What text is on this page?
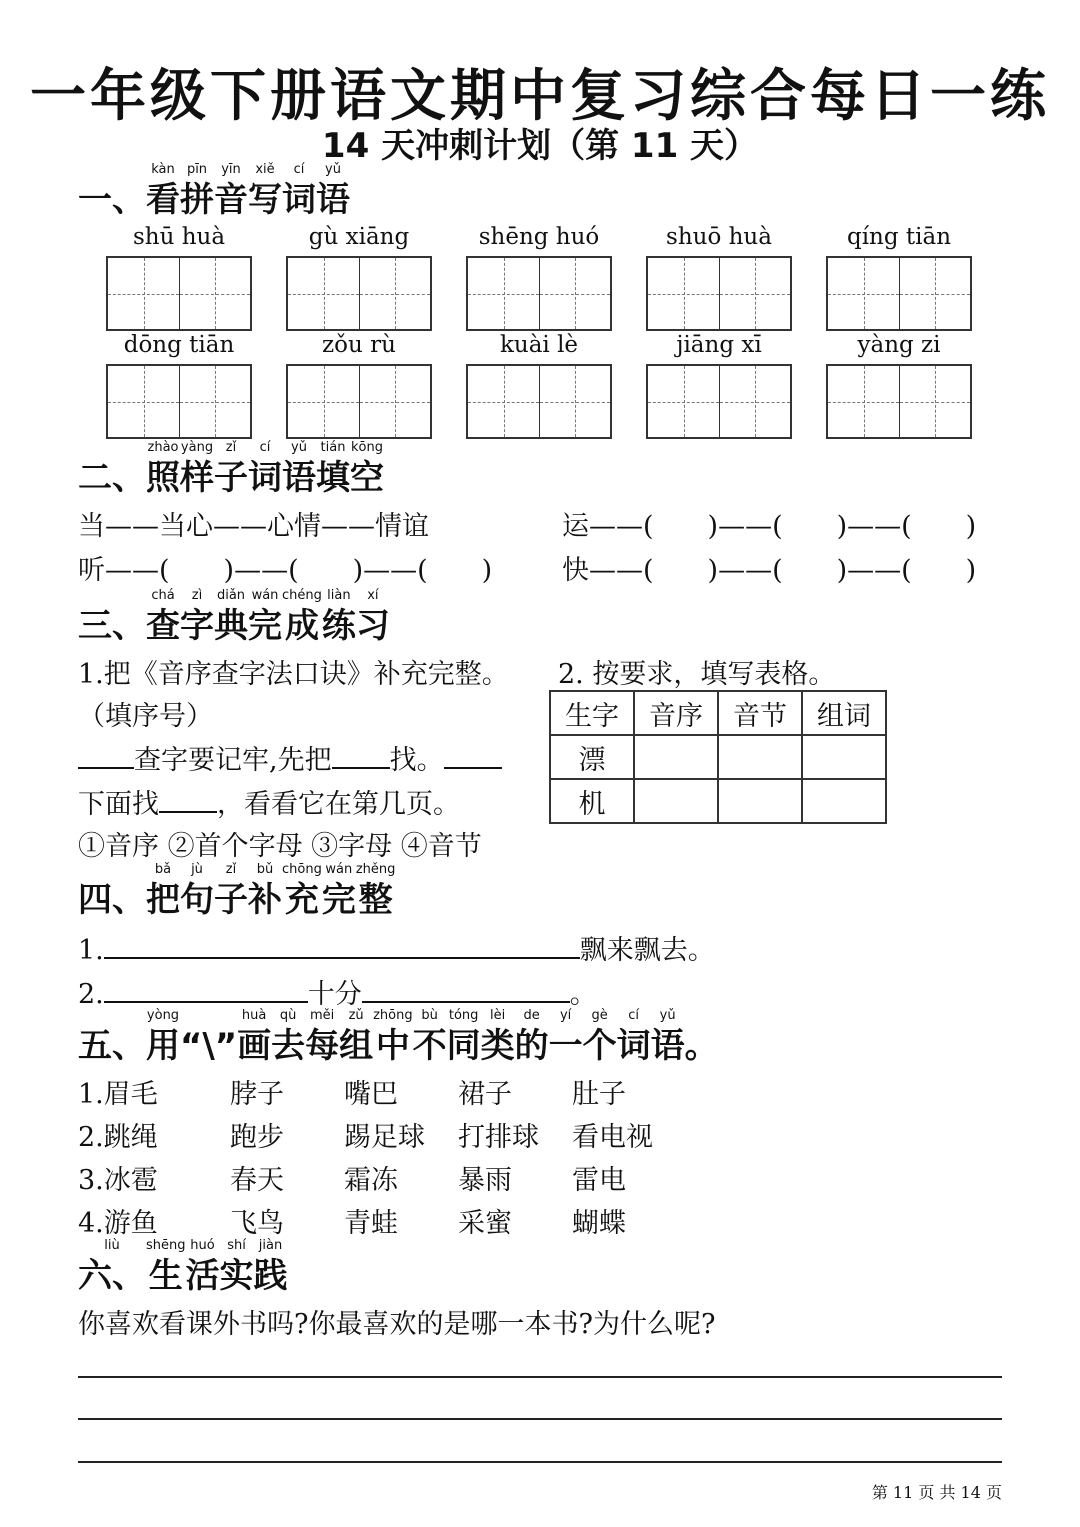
一年级下册语文期中复习综合每日一练
14 天冲刺计划（第 11 天）
一、
kàn
看
pīn
拼
yīn
音
xiě
写
cí
词
yǔ
语
shū huà	gù xiāng	shēng huó	shuō huà	qíng tiān
dōng tiān	zǒu rù	kuài lè	jiāng xī	yàng zi
二、
zhào
照
yàng
样
zǐ
子
cí
词
yǔ
语
tián
填
kōng
空
当——当心——心情——情谊	运——(　　)——(　　)——(　　)
听——(　　)——(　　)——(　　)	快——(　　)——(　　)——(　　)
三、
chá
查
zì
字
diǎn
典
wán
完
chéng
成
liàn
练
xí
习
1.把《音序查字法口诀》补充完整。
（填序号）
查字要记牢,先把 找。
下面找 ，看看它在第几页。
①音序 ②首个字母 ③字母 ④音节
2. 按要求，填写表格。
生字	音序	音节	组词
漂			
机			
四、
bǎ
把
jù
句
zǐ
子
bǔ
补
chōng
充
wán
完
zhěng
整
1.	飘来飘去。
2.	十分	。
五、
yòng
用 “\”
huà
画
qù
去
měi
每
zǔ
组
zhōng
中
bù
不
tóng
同
lèi
类
de
的
yí
一
gè
个
cí
词
yǔ
语 。
1.眉毛	脖子	嘴巴	裙子	肚子
2.跳绳	跑步	踢足球	打排球	看电视
3.冰雹	春天	霜冻	暴雨	雷电
4.游鱼	飞鸟	青蛙	采蜜	蝴蝶
liù
六、
shēng
生
huó
活
shí
实
jiàn
践
你喜欢看课外书吗?你最喜欢的是哪一本书?为什么呢?
第 11 页 共 14 页
